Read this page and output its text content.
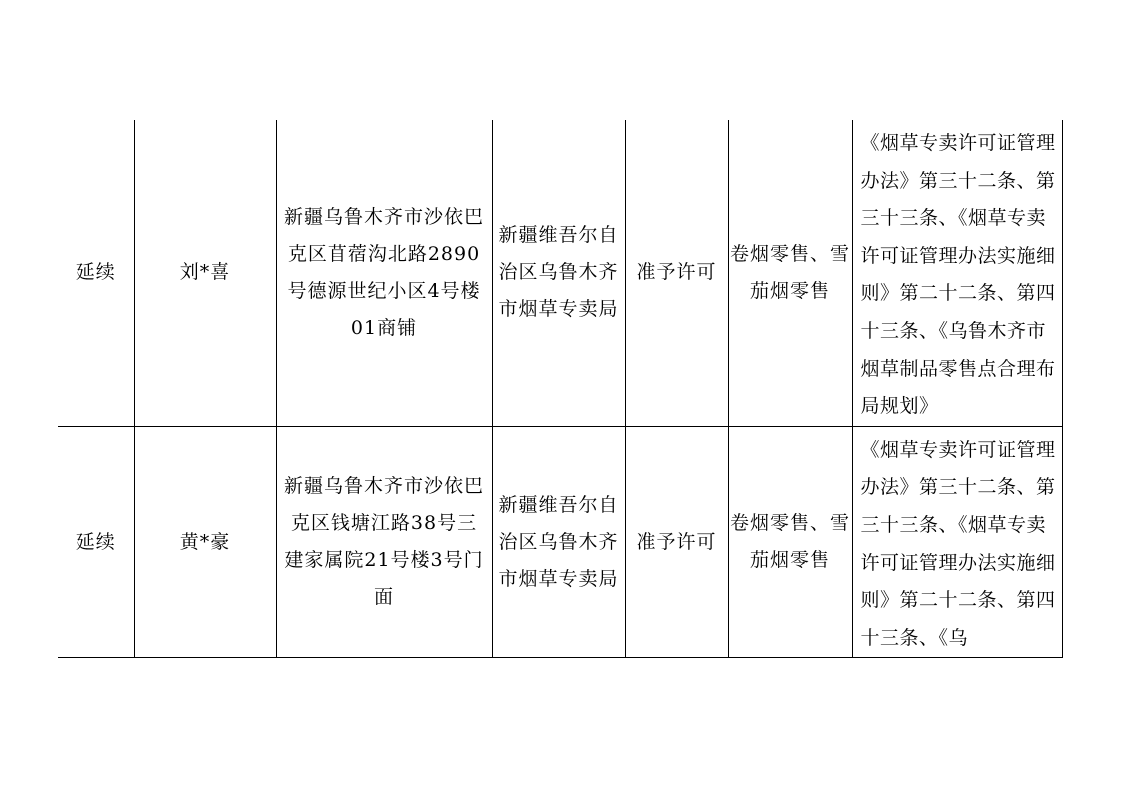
延续	刘*喜	新疆乌鲁木齐市沙依巴克区苜蓿沟北路2890号德源世纪小区4号楼01商铺	新疆维吾尔自治区乌鲁木齐市烟草专卖局	准予许可	卷烟零售、雪茄烟零售	《烟草专卖许可证管理办法》第三十二条、第三十三条、《烟草专卖许可证管理办法实施细则》第二十二条、第四十三条、《乌鲁木齐市烟草制品零售点合理布局规划》

延续	黄*豪	新疆乌鲁木齐市沙依巴克区钱塘江路38号三建家属院21号楼3号门面	新疆维吾尔自治区乌鲁木齐市烟草专卖局	准予许可	卷烟零售、雪茄烟零售	《烟草专卖许可证管理办法》第三十二条、第三十三条、《烟草专卖许可证管理办法实施细则》第二十二条、第四十三条、《乌
